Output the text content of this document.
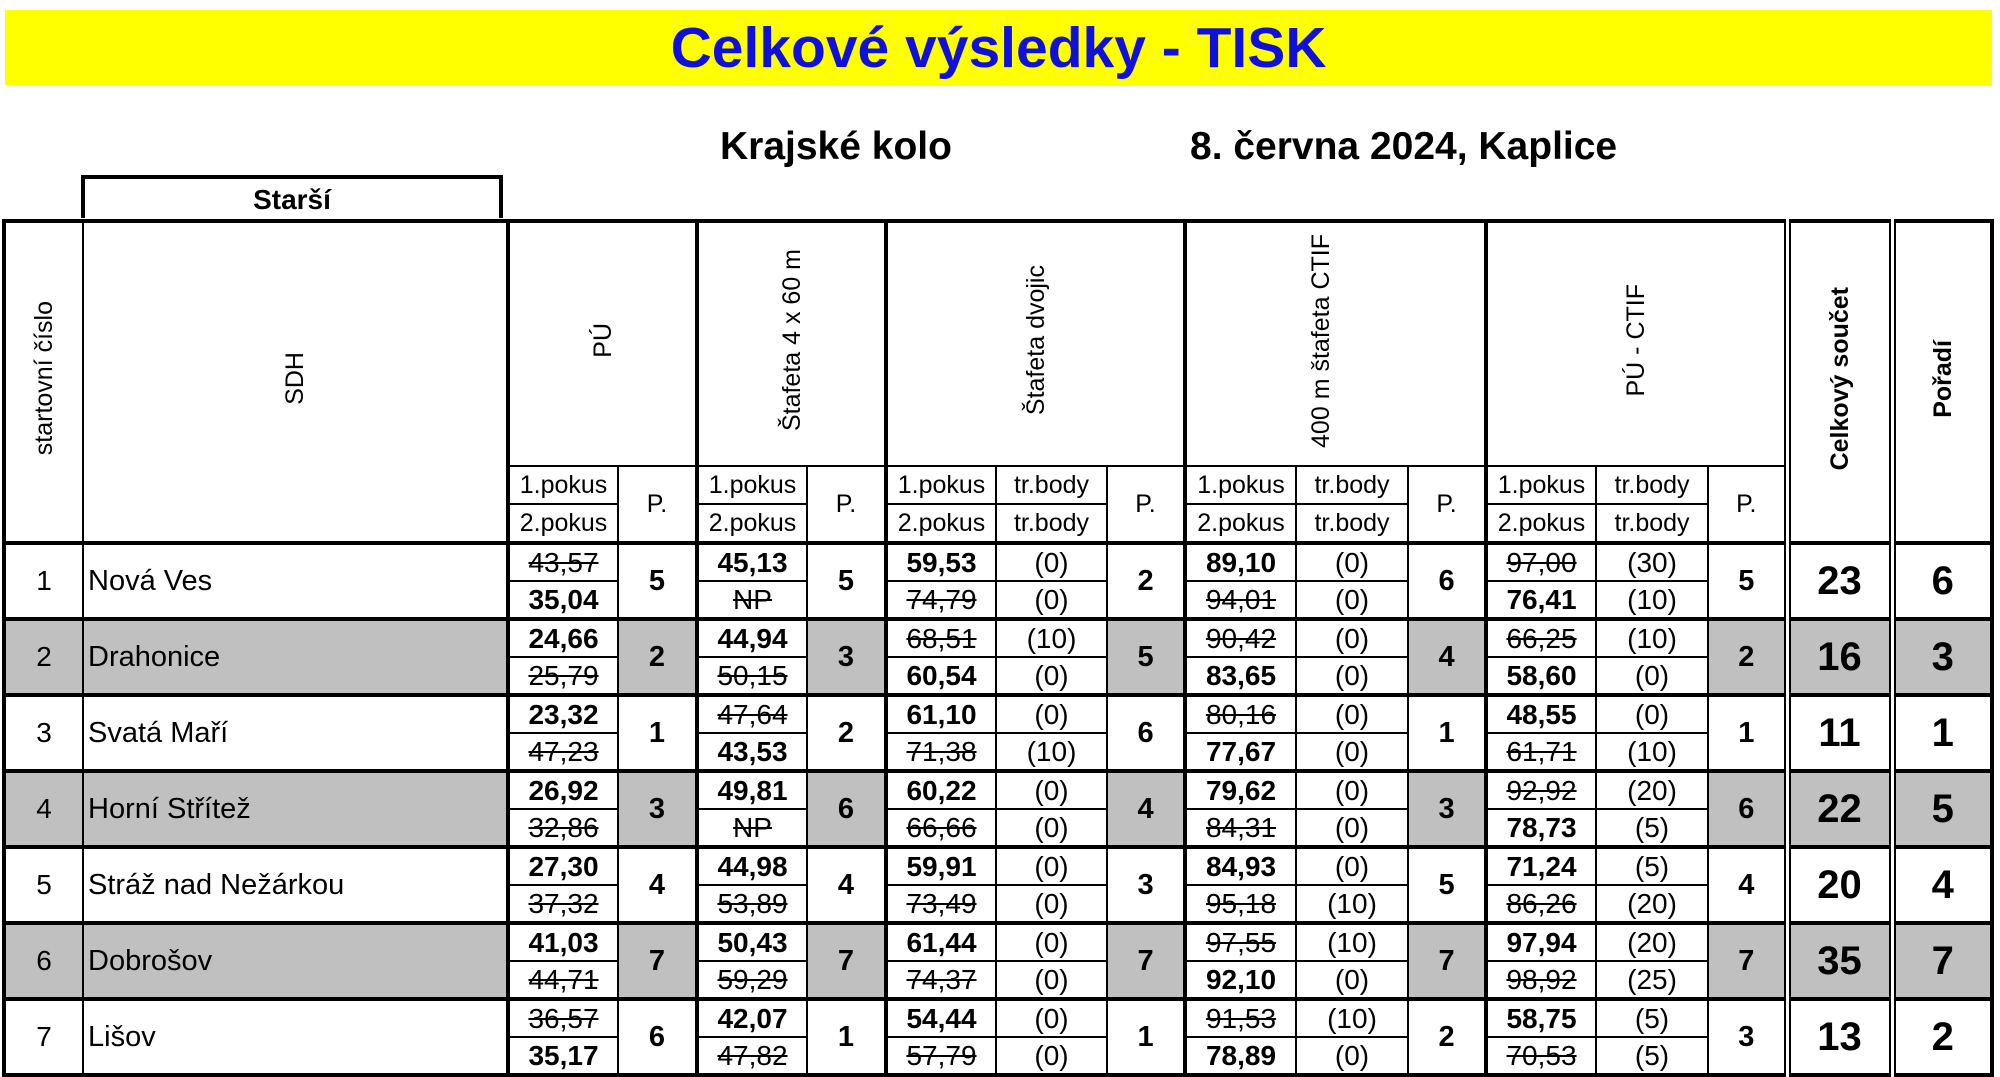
Celkové výsledky - TISK
Krajské kolo	8. června 2024, Kaplice
Starší
startovní číslo	SDH	PÚ		Štafeta 4 x 60 m		Štafeta dvojic			400 m štafeta CTIF			PÚ - CTIF			Celkový součet	Pořadí
		1.pokus	P.	1.pokus	P.	1.pokus	tr.body	P.	1.pokus	tr.body	P.	1.pokus	tr.body	P.		
		2.pokus		2.pokus		2.pokus	tr.body		2.pokus	tr.body		2.pokus	tr.body			
1	Nová Ves	43,57	5	45,13	5	59,53	(0)	2	89,10	(0)	6	97,00	(30)	5	23	6
		35,04		NP		74,79	(0)		94,01	(0)		76,41	(10)			
2	Drahonice	24,66	2	44,94	3	68,51	(10)	5	90,42	(0)	4	66,25	(10)	2	16	3
		25,79		50,15		60,54	(0)		83,65	(0)		58,60	(0)			
3	Svatá Maří	23,32	1	47,64	2	61,10	(0)	6	80,16	(0)	1	48,55	(0)	1	11	1
		47,23		43,53		71,38	(10)		77,67	(0)		61,71	(10)			
4	Horní Střítež	26,92	3	49,81	6	60,22	(0)	4	79,62	(0)	3	92,92	(20)	6	22	5
		32,86		NP		66,66	(0)		84,31	(0)		78,73	(5)			
5	Stráž nad Nežárkou	27,30	4	44,98	4	59,91	(0)	3	84,93	(0)	5	71,24	(5)	4	20	4
		37,32		53,89		73,49	(0)		95,18	(10)		86,26	(20)			
6	Dobrošov	41,03	7	50,43	7	61,44	(0)	7	97,55	(10)	7	97,94	(20)	7	35	7
		44,71		59,29		74,37	(0)		92,10	(0)		98,92	(25)			
7	Lišov	36,57	6	42,07	1	54,44	(0)	1	91,53	(10)	2	58,75	(5)	3	13	2
		35,17		47,82		57,79	(0)		78,89	(0)		70,53	(5)			
